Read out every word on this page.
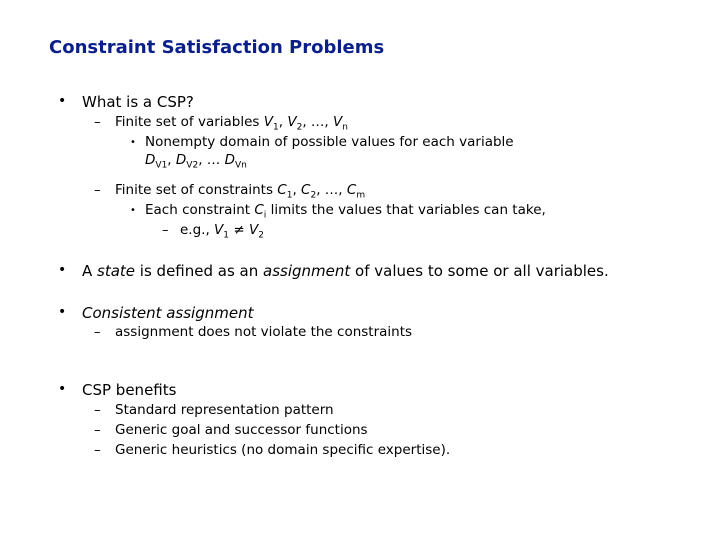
Constraint Satisfaction Problems
• What is a CSP?
– Finite set of variables $V_1$, $V_2$, …, $V_n$
• Nonempty domain of possible values for each variable
$D_{V1}$, $D_{V2}$, … $D_{Vn}$
– Finite set of constraints $C_1$, $C_2$, …, $C_m$
• Each constraint $C_i$ limits the values that variables can take,
– e.g., $V_1 \ne V_2$
• A state is defined as an assignment of values to some or all variables.
• Consistent assignment
– assignment does not violate the constraints
• CSP benefits
– Standard representation pattern
– Generic goal and successor functions
– Generic heuristics (no domain specific expertise).
